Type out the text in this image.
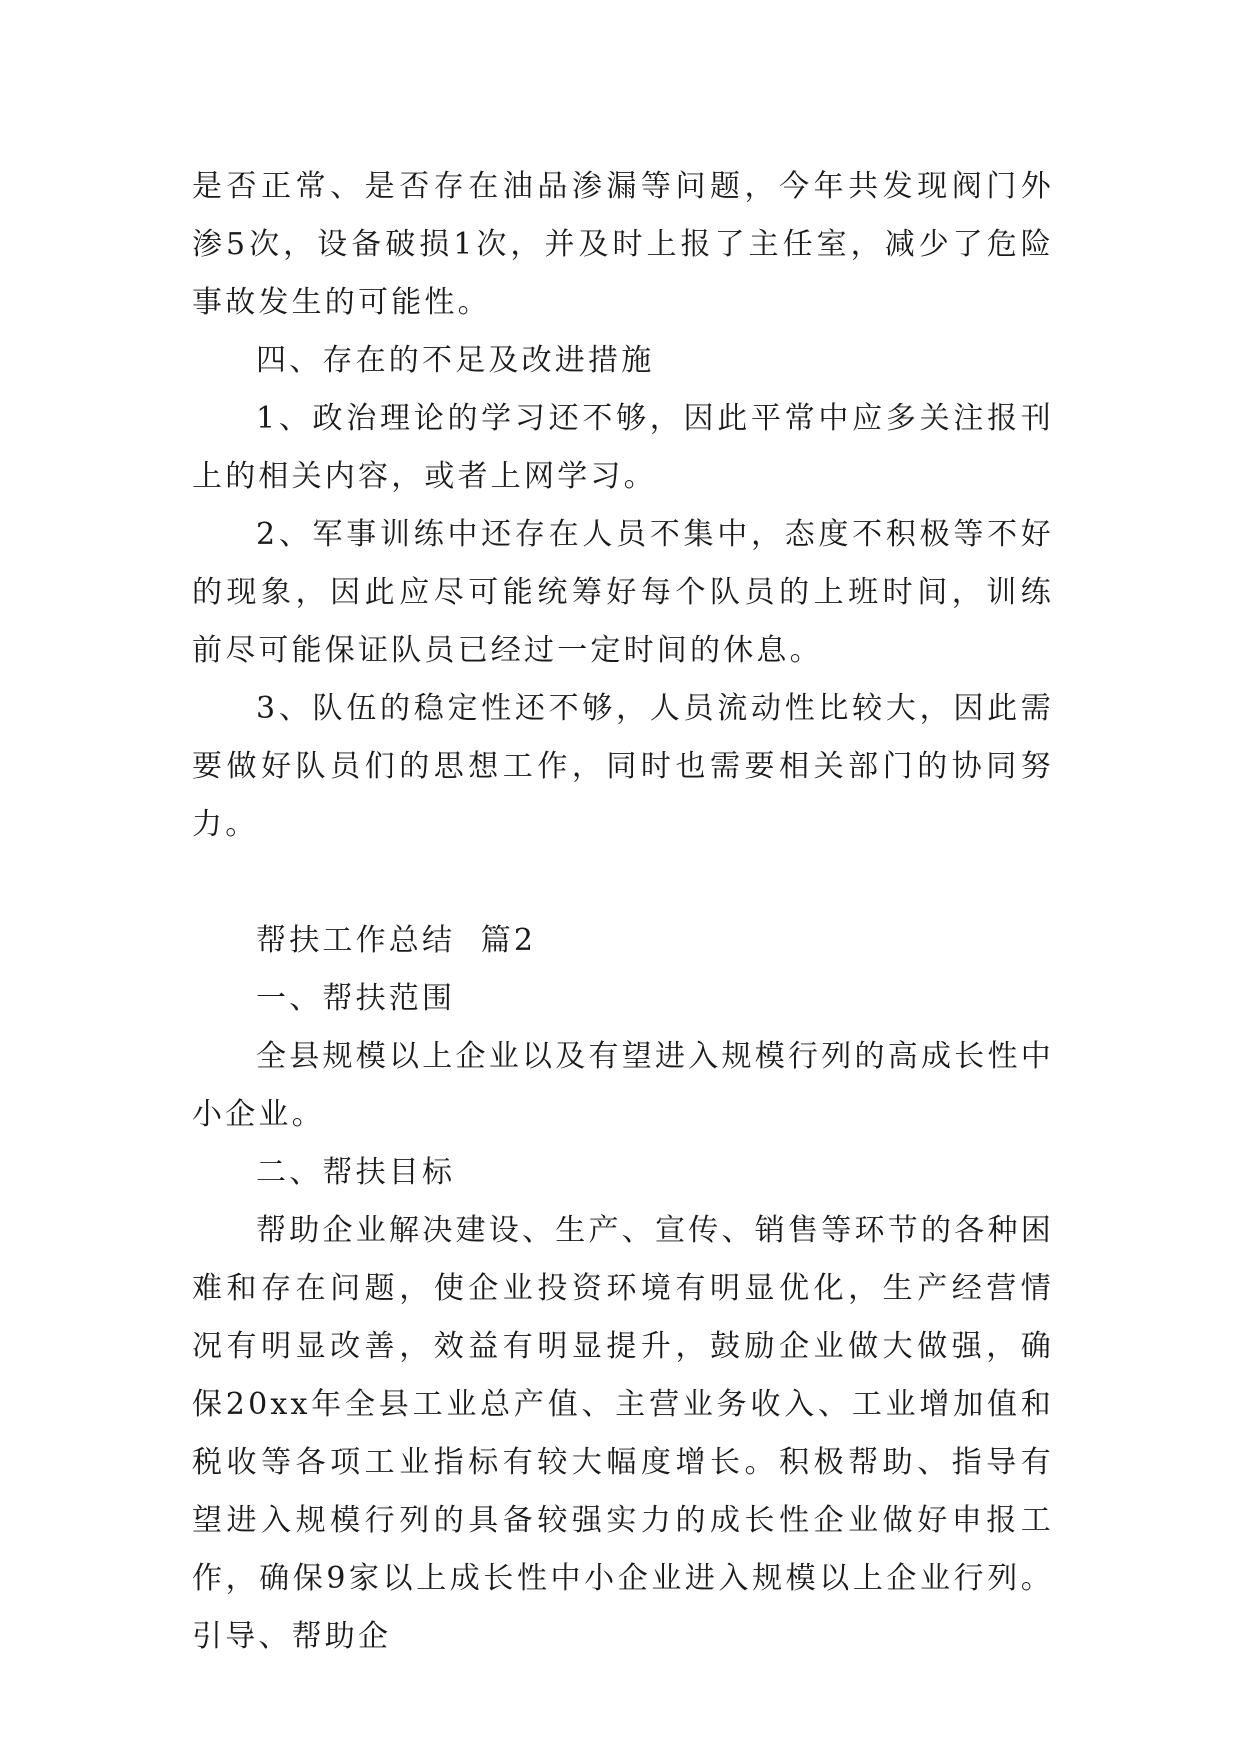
是否正常、是否存在油品渗漏等问题，今年共发现阀门外渗5次，设备破损1次，并及时上报了主任室，减少了危险事故发生的可能性。

四、存在的不足及改进措施

1、政治理论的学习还不够，因此平常中应多关注报刊上的相关内容，或者上网学习。

2、军事训练中还存在人员不集中，态度不积极等不好的现象，因此应尽可能统筹好每个队员的上班时间，训练前尽可能保证队员已经过一定时间的休息。

3、队伍的稳定性还不够，人员流动性比较大，因此需要做好队员们的思想工作，同时也需要相关部门的协同努力。

帮扶工作总结  篇2

一、帮扶范围

全县规模以上企业以及有望进入规模行列的高成长性中小企业。

二、帮扶目标

帮助企业解决建设、生产、宣传、销售等环节的各种困难和存在问题，使企业投资环境有明显优化，生产经营情况有明显改善，效益有明显提升，鼓励企业做大做强，确保20xx年全县工业总产值、主营业务收入、工业增加值和税收等各项工业指标有较大幅度增长。积极帮助、指导有望进入规模行列的具备较强实力的成长性企业做好申报工作，确保9家以上成长性中小企业进入规模以上企业行列。引导、帮助企
